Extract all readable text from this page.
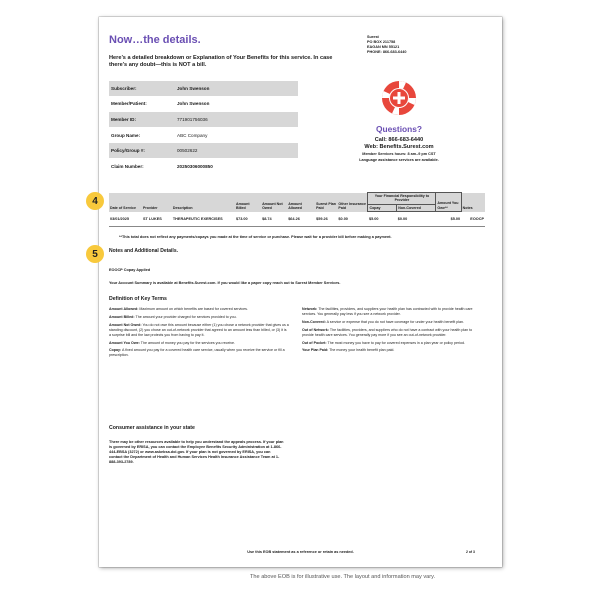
Now…the details.
Here’s a detailed breakdown or Explanation of Your Benefits for this service. In case there’s any doubt—this is NOT a bill.
Subscriber:	John Swenson
Member/Patient:	John Swenson
Member ID:	771901756036
Group Name:	ABC Company
Policy/Group #:	00502622
Claim Number:	20250306000850
Surest
PO BOX 211758
EAGAN MN 55121
PHONE: 866-683-6440
Questions?
Call: 866-683-6440
Web: Benefits.Surest.com
Member Services hours: 8 am–9 pm CST
Language assistance services are available.
Date of Service	Provider	Description	Amount Billed	Amount Not Owed	Amount Allowed	Surest Plan Paid	Other Insurance Paid	Your Financial Responsibility to Provider		Amount You Owe**	Notes
								Copay	Non-Covered		
03/01/2025	ST LUKES	THERAPEUTIC EXERCISES	$73.00	$8.74	$64.26	$59.26	$0.00	$5.00	$0.00	$5.00	EOOCP
**This total does not reflect any payments/copays you made at the time of service or purchase. Please wait for a provider bill before making a payment.
Notes and Additional Details.
EOOCP Copay Applied
Your Account Summary is available at Benefits.Surest.com. If you would like a paper copy reach out to Surest Member Services.
Definition of Key Terms

Amount Allowed: Maximum amount on which benefits are based for covered services.

Amount Billed: The amount your provider charged for services provided to you.

Amount Not Owed: You do not owe this amount because either (1) you chose a network provider that gives us a standing discount, (2) you chose an out-of-network provider that agreed to an amount less than billed, or (3) it is a surprise bill and the law protects you from having to pay it.

Amount You Owe: The amount of money you pay for the services you receive.

Copay: A fixed amount you pay for a covered health care service, usually when you receive the service or fill a prescription.

Network: The facilities, providers, and suppliers your health plan has contracted with to provide health care services. You generally pay less if you see a network provider.

Non-Covered: A service or expense that you do not have coverage for under your health benefit plan.

Out of Network: The facilities, providers, and suppliers who do not have a contract with your health plan to provide health care services. You generally pay more if you see an out-of-network provider.

Out of Pocket: The most money you have to pay for covered expenses in a plan year or policy period.

Your Plan Paid: The money your health benefit plan paid.

Consumer assistance in your state
There may be other resources available to help you understand the appeals process. If your plan is governed by ERISA, you can contact the Employee Benefits Security Administration at 1-866-444-EBSA (3272) or www.askebsa.dol.gov. If your plan is not governed by ERISA, you can contact the Department of Health and Human Services Health Insurance Assistance Team at 1-888-393-2789.
Use this EOB statement as a reference or retain as needed.	2 of 3
4
5
The above EOB is for illustrative use. The layout and information may vary.
